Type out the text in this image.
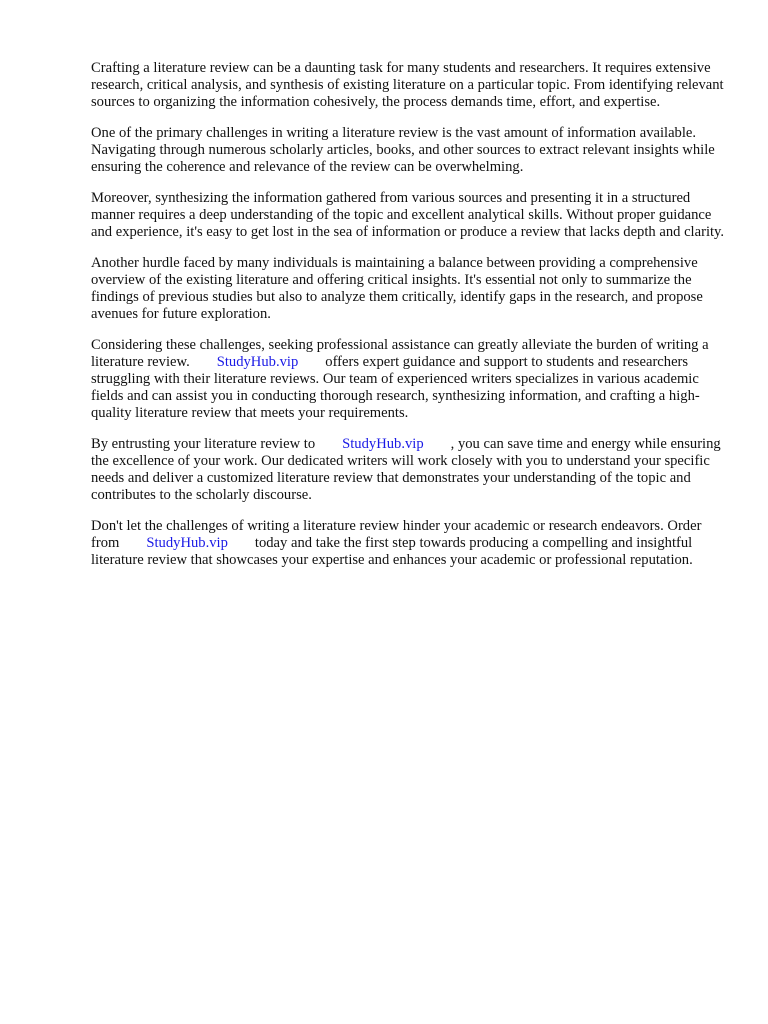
Crafting a literature review can be a daunting task for many students and researchers. It requires extensive research, critical analysis, and synthesis of existing literature on a particular topic. From identifying relevant sources to organizing the information cohesively, the process demands time, effort, and expertise.

One of the primary challenges in writing a literature review is the vast amount of information available. Navigating through numerous scholarly articles, books, and other sources to extract relevant insights while ensuring the coherence and relevance of the review can be overwhelming.

Moreover, synthesizing the information gathered from various sources and presenting it in a structured manner requires a deep understanding of the topic and excellent analytical skills. Without proper guidance and experience, it's easy to get lost in the sea of information or produce a review that lacks depth and clarity.

Another hurdle faced by many individuals is maintaining a balance between providing a comprehensive overview of the existing literature and offering critical insights. It's essential not only to summarize the findings of previous studies but also to analyze them critically, identify gaps in the research, and propose avenues for future exploration.

Considering these challenges, seeking professional assistance can greatly alleviate the burden of writing a literature review. StudyHub.vip offers expert guidance and support to students and researchers struggling with their literature reviews. Our team of experienced writers specializes in various academic fields and can assist you in conducting thorough research, synthesizing information, and crafting a high-quality literature review that meets your requirements.

By entrusting your literature review to StudyHub.vip , you can save time and energy while ensuring the excellence of your work. Our dedicated writers will work closely with you to understand your specific needs and deliver a customized literature review that demonstrates your understanding of the topic and contributes to the scholarly discourse.

Don't let the challenges of writing a literature review hinder your academic or research endeavors. Order from StudyHub.vip today and take the first step towards producing a compelling and insightful literature review that showcases your expertise and enhances your academic or professional reputation.
